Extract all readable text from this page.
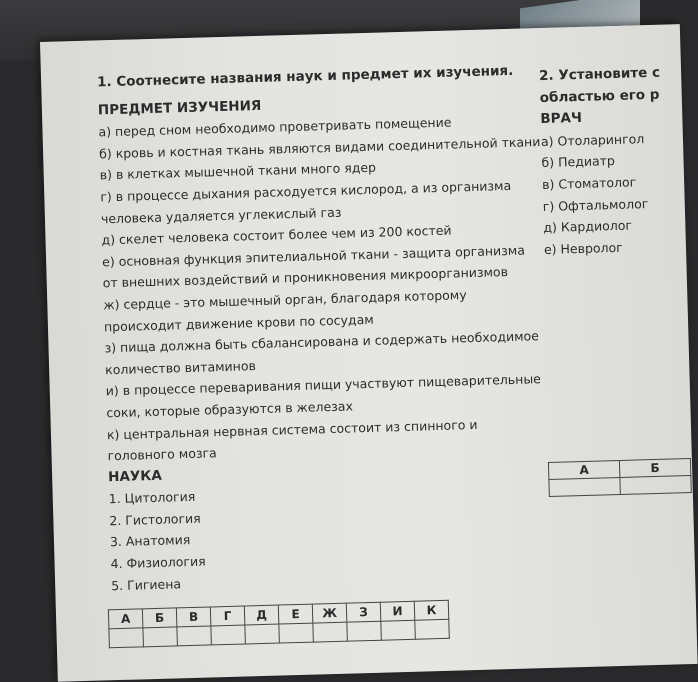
1. Соотнесите названия наук и предмет их изучения.
ПРЕДМЕТ ИЗУЧЕНИЯ
а) перед сном необходимо проветривать помещение
б) кровь и костная ткань являются видами соединительной ткани
в) в клетках мышечной ткани много ядер
г) в процессе дыхания расходуется кислород, а из организма
человека удаляется углекислый газ
д) скелет человека состоит более чем из 200 костей
е) основная функция эпителиальной ткани - защита организма
от внешних воздействий и проникновения микроорганизмов
ж) сердце - это мышечный орган, благодаря которому
происходит движение крови по сосудам
з) пища должна быть сбалансирована и содержать необходимое
количество витаминов
и) в процессе переваривания пищи участвуют пищеварительные
соки, которые образуются в железах
к) центральная нервная система состоит из спинного и
головного мозга
НАУКА
1. Цитология
2. Гистология
3. Анатомия
4. Физиология
5. Гигиена
А	Б	В	Г	Д	Е	Ж	З	И	К

2. Установите с
областью его р
ВРАЧ
а) Отоларингол
б) Педиатр
в) Стоматолог
г) Офтальмолог
д) Кардиолог
е) Невролог
А	Б
